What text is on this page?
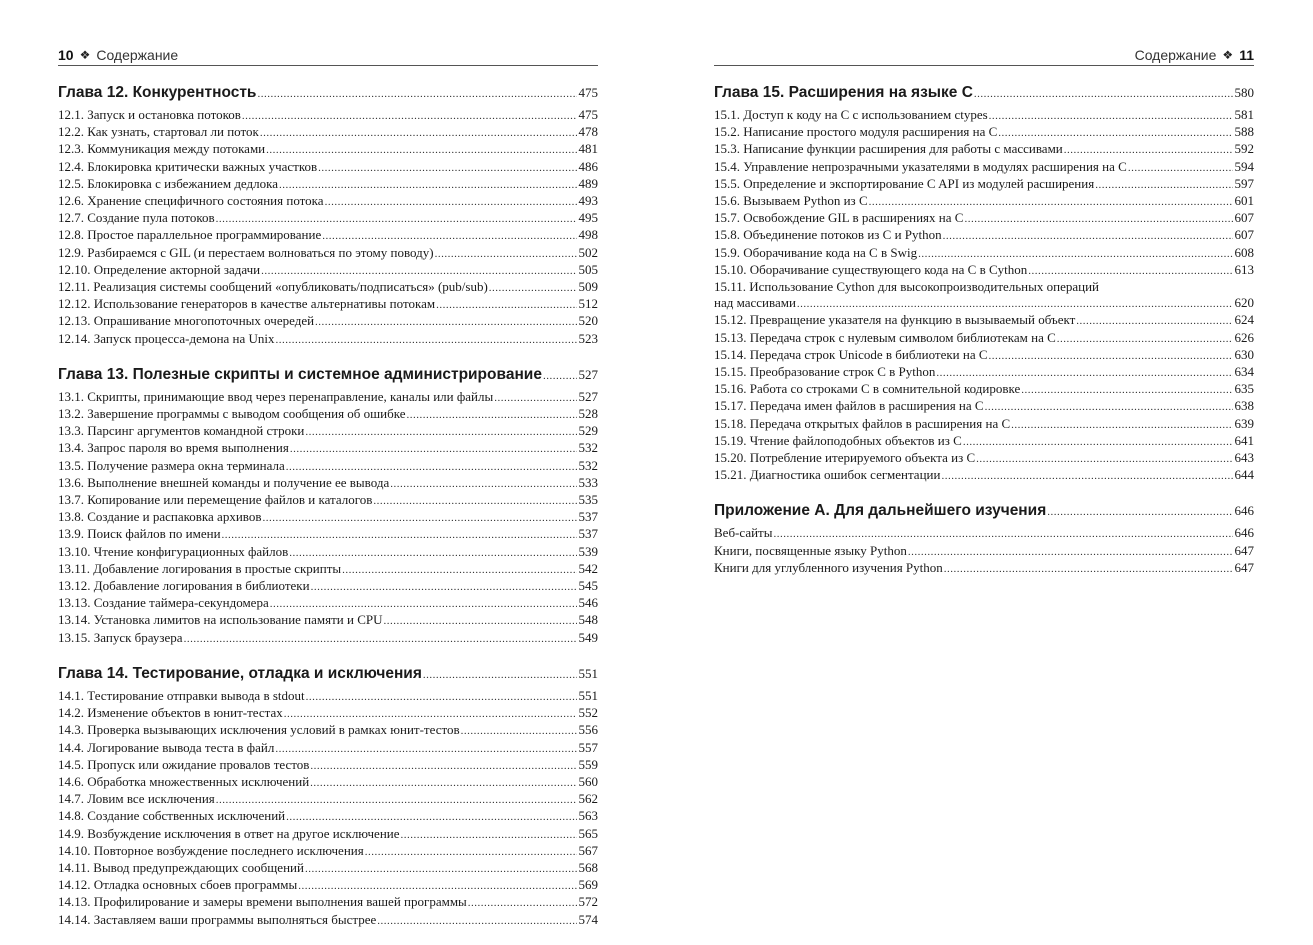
10 ❖ Содержание
Глава 12. Конкурентность .....	475
12.1. Запуск и остановка потоков .....	475
12.2. Как узнать, стартовал ли поток .....	478
12.3. Коммуникация между потоками .....	481
12.4. Блокировка критически важных участков .....	486
12.5. Блокировка с избежанием дедлока .....	489
12.6. Хранение специфичного состояния потока .....	493
12.7. Создание пула потоков .....	495
12.8. Простое параллельное программирование .....	498
12.9. Разбираемся с GIL (и перестаем волноваться по этому поводу) .....	502
12.10. Определение акторной задачи .....	505
12.11. Реализация системы сообщений «опубликовать/подписаться» (pub/sub) .....	509
12.12. Использование генераторов в качестве альтернативы потокам .....	512
12.13. Опрашивание многопоточных очередей .....	520
12.14. Запуск процесса-демона на Unix .....	523
Глава 13. Полезные скрипты и системное администрирование .....	527
13.1. Скрипты, принимающие ввод через перенаправление, каналы или файлы .....	527
13.2. Завершение программы с выводом сообщения об ошибке .....	528
13.3. Парсинг аргументов командной строки .....	529
13.4. Запрос пароля во время выполнения .....	532
13.5. Получение размера окна терминала .....	532
13.6. Выполнение внешней команды и получение ее вывода .....	533
13.7. Копирование или перемещение файлов и каталогов .....	535
13.8. Создание и распаковка архивов .....	537
13.9. Поиск файлов по имени .....	537
13.10. Чтение конфигурационных файлов .....	539
13.11. Добавление логирования в простые скрипты .....	542
13.12. Добавление логирования в библиотеки .....	545
13.13. Создание таймера-секундомера .....	546
13.14. Установка лимитов на использование памяти и CPU .....	548
13.15. Запуск браузера .....	549
Глава 14. Тестирование, отладка и исключения .....	551
14.1. Тестирование отправки вывода в stdout .....	551
14.2. Изменение объектов в юнит-тестах .....	552
14.3. Проверка вызывающих исключения условий в рамках юнит-тестов .....	556
14.4. Логирование вывода теста в файл .....	557
14.5. Пропуск или ожидание провалов тестов .....	559
14.6. Обработка множественных исключений .....	560
14.7. Ловим все исключения .....	562
14.8. Создание собственных исключений .....	563
14.9. Возбуждение исключения в ответ на другое исключение .....	565
14.10. Повторное возбуждение последнего исключения .....	567
14.11. Вывод предупреждающих сообщений .....	568
14.12. Отладка основных сбоев программы .....	569
14.13. Профилирование и замеры времени выполнения вашей программы .....	572
14.14. Заставляем ваши программы выполняться быстрее .....	574
Содержание ❖ 11
Глава 15. Расширения на языке C .....	580
15.1. Доступ к коду на C с использованием ctypes .....	581
15.2. Написание простого модуля расширения на C .....	588
15.3. Написание функции расширения для работы с массивами .....	592
15.4. Управление непрозрачными указателями в модулях расширения на C .....	594
15.5. Определение и экспортирование C API из модулей расширения .....	597
15.6. Вызываем Python из C .....	601
15.7. Освобождение GIL в расширениях на C .....	607
15.8. Объединение потоков из C и Python .....	607
15.9. Оборачивание кода на C в Swig .....	608
15.10. Оборачивание существующего кода на C в Cython .....	613
15.11. Использование Cython для высокопроизводительных операций
над массивами .....	620
15.12. Превращение указателя на функцию в вызываемый объект .....	624
15.13. Передача строк с нулевым символом библиотекам на C .....	626
15.14. Передача строк Unicode в библиотеки на C .....	630
15.15. Преобразование строк C в Python .....	634
15.16. Работа со строками C в сомнительной кодировке .....	635
15.17. Передача имен файлов в расширения на C .....	638
15.18. Передача открытых файлов в расширения на C .....	639
15.19. Чтение файлоподобных объектов из C .....	641
15.20. Потребление итерируемого объекта из C .....	643
15.21. Диагностика ошибок сегментации .....	644
Приложение А. Для дальнейшего изучения .....	646
Веб-сайты .....	646
Книги, посвященные языку Python .....	647
Книги для углубленного изучения Python .....	647
